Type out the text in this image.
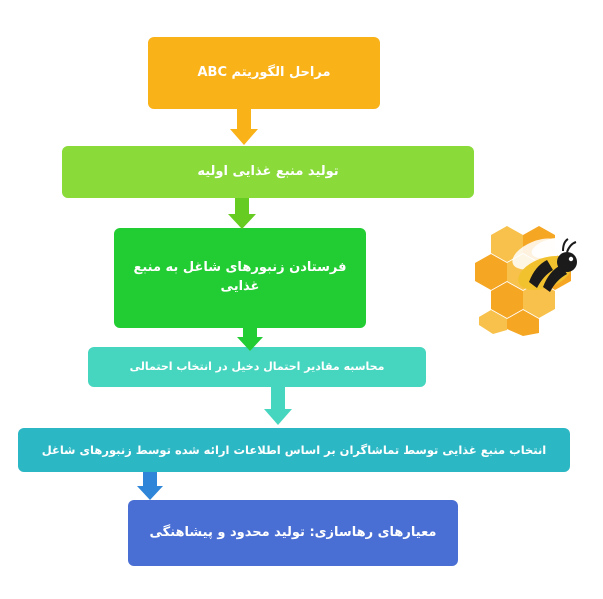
مراحل الگوریتم ABC
تولید منبع غذایی اولیه
فرستادن زنبورهای شاغل به منبع غذایی
محاسبه مقادیر احتمال دخیل در انتخاب احتمالی
انتخاب منبع غذایی توسط تماشاگران بر اساس اطلاعات ارائه شده توسط زنبورهای شاغل
معیارهای رهاسازی: تولید محدود و پیشاهنگی
